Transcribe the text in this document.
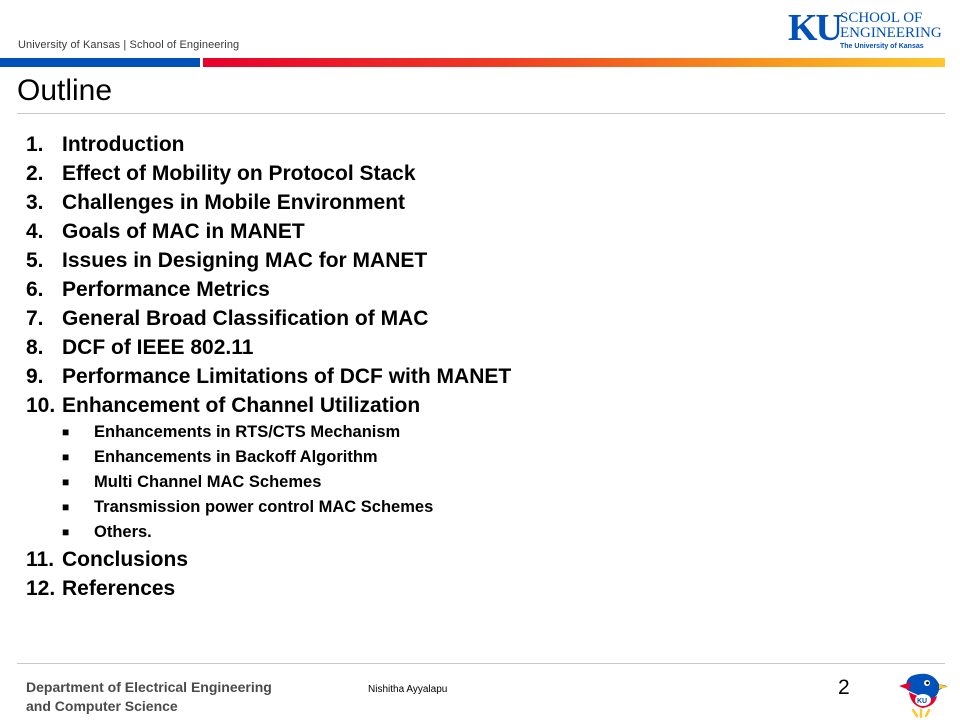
University of Kansas | School of Engineering	KU SCHOOL OF
ENGINEERING
The University of Kansas
Outline
1. Introduction
2. Effect of Mobility on Protocol Stack
3. Challenges in Mobile Environment
4. Goals of MAC in MANET
5. Issues in Designing MAC for MANET
6. Performance Metrics
7. General Broad Classification of MAC
8. DCF of IEEE 802.11
9. Performance Limitations of DCF with MANET
10. Enhancement of Channel Utilization
■	Enhancements in RTS/CTS Mechanism
■	Enhancements in Backoff Algorithm
■	Multi Channel MAC Schemes
■	Transmission power control MAC Schemes
■	Others.
11. Conclusions
12. References
Department of Electrical Engineering
and Computer Science
Nishitha Ayyalapu	2
KU
